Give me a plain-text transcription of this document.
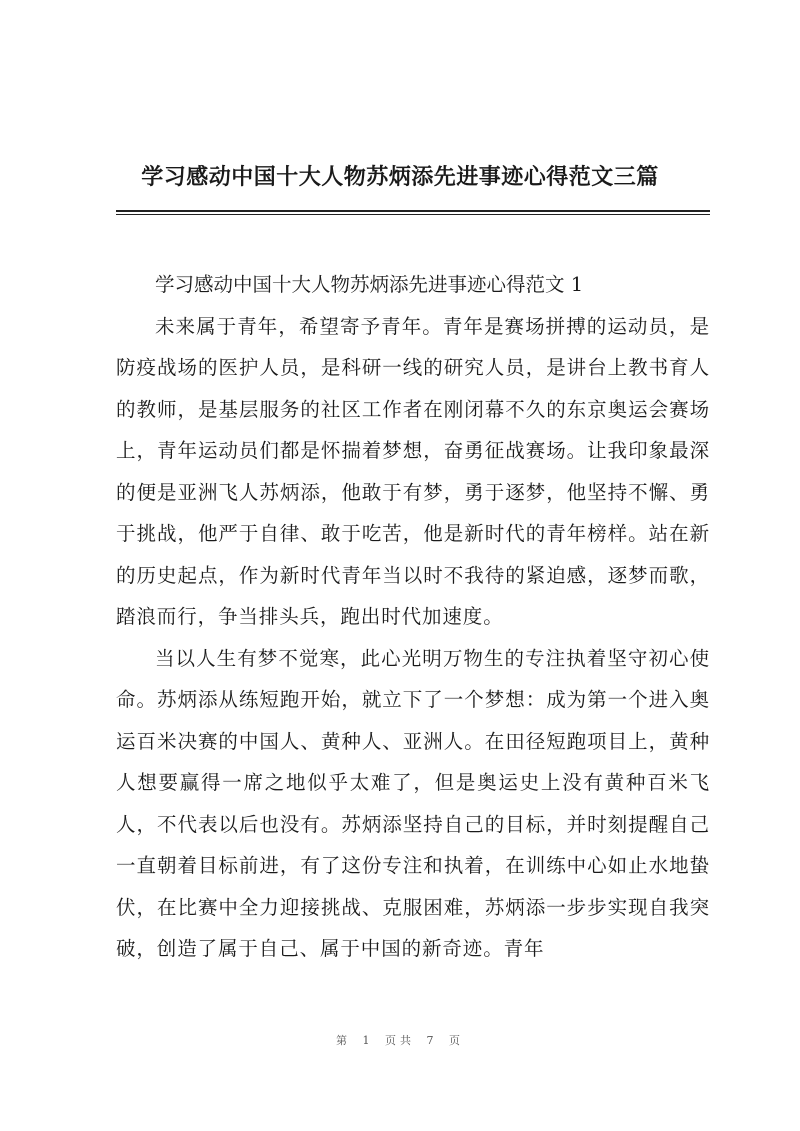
学习感动中国十大人物苏炳添先进事迹心得范文三篇

学习感动中国十大人物苏炳添先进事迹心得范文 1

未来属于青年，希望寄予青年。青年是赛场拼搏的运动员，是防疫战场的医护人员，是科研一线的研究人员，是讲台上教书育人的教师，是基层服务的社区工作者在刚闭幕不久的东京奥运会赛场上，青年运动员们都是怀揣着梦想，奋勇征战赛场。让我印象最深的便是亚洲飞人苏炳添，他敢于有梦，勇于逐梦，他坚持不懈、勇于挑战，他严于自律、敢于吃苦，他是新时代的青年榜样。站在新的历史起点，作为新时代青年当以时不我待的紧迫感，逐梦而歌，踏浪而行，争当排头兵，跑出时代加速度。

当以人生有梦不觉寒，此心光明万物生的专注执着坚守初心使命。苏炳添从练短跑开始，就立下了一个梦想：成为第一个进入奥运百米决赛的中国人、黄种人、亚洲人。在田径短跑项目上，黄种人想要赢得一席之地似乎太难了，但是奥运史上没有黄种百米飞人，不代表以后也没有。苏炳添坚持自己的目标，并时刻提醒自己一直朝着目标前进，有了这份专注和执着，在训练中心如止水地蛰伏，在比赛中全力迎接挑战、克服困难，苏炳添一步步实现自我突破，创造了属于自己、属于中国的新奇迹。青年

第 1 页共 7 页
